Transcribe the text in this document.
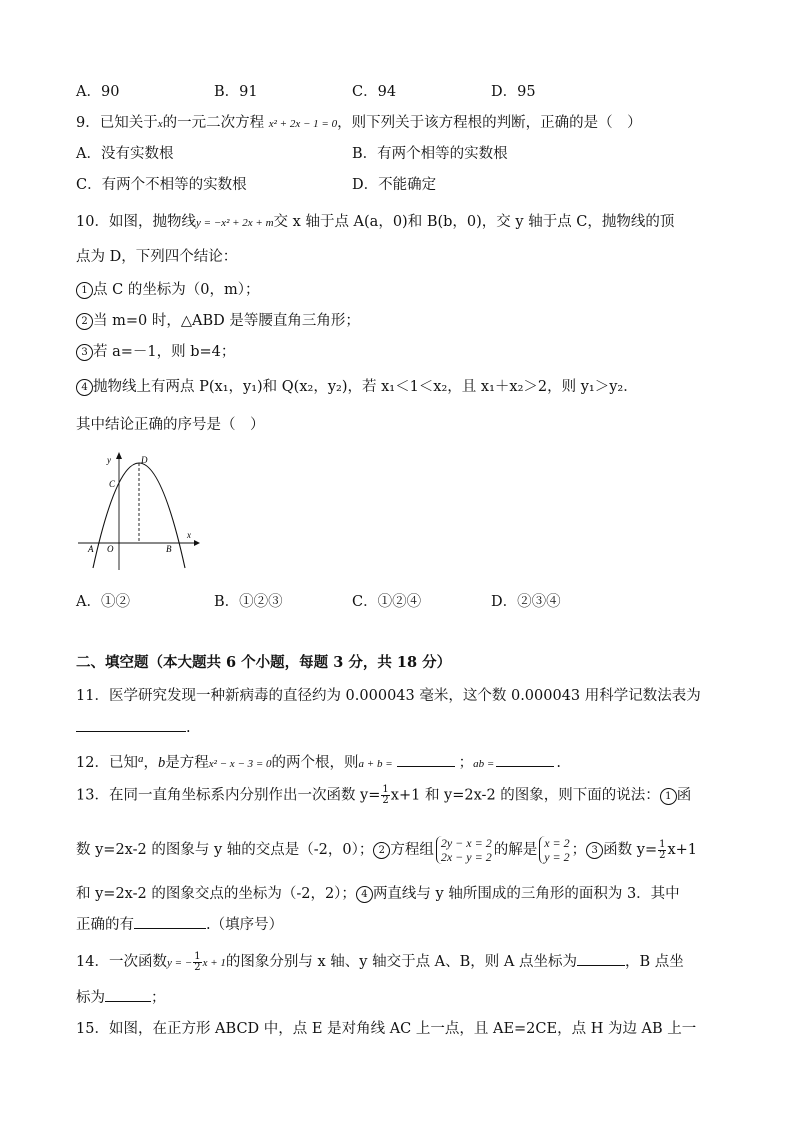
A．90	B．91	C．94	D．95
9．已知关于x的一元二次方程 x² + 2x − 1 = 0，则下列关于该方程根的判断，正确的是（　）
A．没有实数根	B．有两个相等的实数根
C．有两个不相等的实数根	D．不能确定
10．如图，抛物线y = −x² + 2x + m交 x 轴于点 A(a，0)和 B(b，0)，交 y 轴于点 C，抛物线的顶
点为 D，下列四个结论：
1 点 C 的坐标为（0，m）；
2 当 m=0 时，△ABD 是等腰直角三角形；
3 若 a=－1，则 b=4；
4 抛物线上有两点 P(x₁，y₁)和 Q(x₂，y₂)，若 x₁＜1＜x₂，且 x₁＋x₂＞2，则 y₁＞y₂．
其中结论正确的序号是（　）
y
x
D
C
A O	B
A．①②	B．①②③	C．①②④	D．②③④
二、填空题（本大题共 6 个小题，每题 3 分，共 18 分）
11．医学研究发现一种新病毒的直径约为 0.000043 毫米，这个数 0.000043 用科学记数法表为
.
12．已知$^a$，b是方程x² − x − 3 = 0的两个根，则a + b =	；ab =	.
13．在同一直角坐标系内分别作出一次函数 $y= \frac{1}{2} x+1$ 和 y=2x-2 的图象，则下面的说法： 1 函
数 y=2x-2 的图象与 y 轴的交点是（-2，0）； 2 方程组 2y − x = 2
2x − y = 2 的解是 x = 2
y = 2 ； 3 函数 $y= \frac{1}{2} x+1$
和 y=2x-2 的图象交点的坐标为（-2，2）； 4 两直线与 y 轴所围成的三角形的面积为 3．其中
正确的有	.（填序号）
14．一次函数y = − $\frac{1}{2}$ x + 1的图象分别与 x 轴、y 轴交于点 A、B，则 A 点坐标为	，B 点坐
标为	；
15．如图，在正方形 ABCD 中，点 E 是对角线 AC 上一点，且 AE=2CE，点 H 为边 AB 上一
